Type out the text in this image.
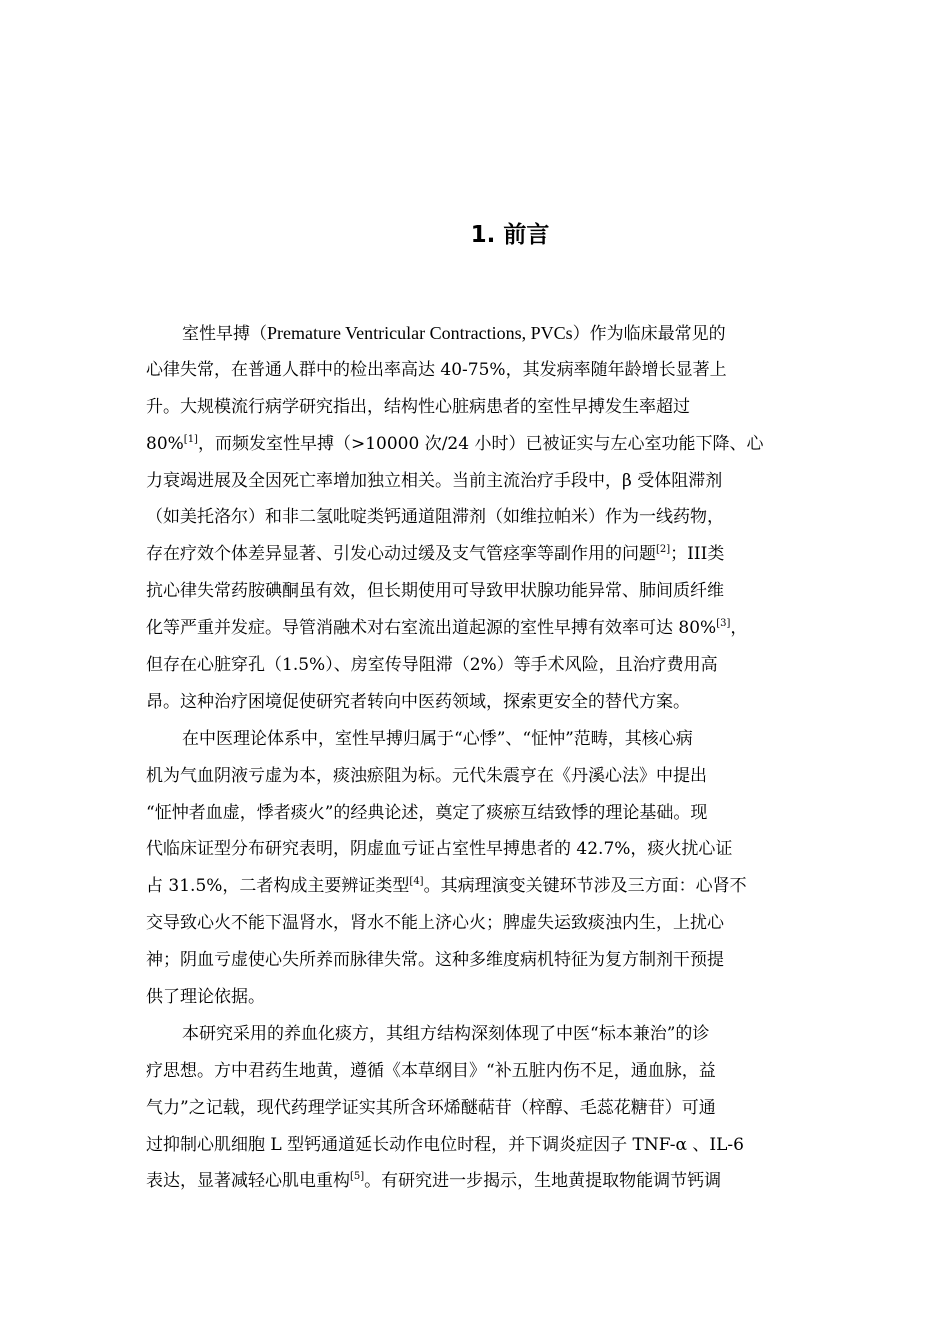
1. 前言
室性早搏（Premature Ventricular Contractions, PVCs）作为临床最常见的
心律失常，在普通人群中的检出率高达 40-75%，其发病率随年龄增长显著上
升。大规模流行病学研究指出，结构性心脏病患者的室性早搏发生率超过
80%[1]，而频发室性早搏（>10000 次/24 小时）已被证实与左心室功能下降、心
力衰竭进展及全因死亡率增加独立相关。当前主流治疗手段中，β 受体阻滞剂
（如美托洛尔）和非二氢吡啶类钙通道阻滞剂（如维拉帕米）作为一线药物，
存在疗效个体差异显著、引发心动过缓及支气管痉挛等副作用的问题[2]；III类
抗心律失常药胺碘酮虽有效，但长期使用可导致甲状腺功能异常、肺间质纤维
化等严重并发症。导管消融术对右室流出道起源的室性早搏有效率可达 80%[3]，
但存在心脏穿孔（1.5%）、房室传导阻滞（2%）等手术风险，且治疗费用高
昂。这种治疗困境促使研究者转向中医药领域，探索更安全的替代方案。
在中医理论体系中，室性早搏归属于“心悸”、“怔忡”范畴，其核心病
机为气血阴液亏虚为本，痰浊瘀阻为标。元代朱震亨在《丹溪心法》中提出
“怔忡者血虚，悸者痰火”的经典论述，奠定了痰瘀互结致悸的理论基础。现
代临床证型分布研究表明，阴虚血亏证占室性早搏患者的 42.7%，痰火扰心证
占 31.5%，二者构成主要辨证类型[4]。其病理演变关键环节涉及三方面：心肾不
交导致心火不能下温肾水，肾水不能上济心火；脾虚失运致痰浊内生，上扰心
神；阴血亏虚使心失所养而脉律失常。这种多维度病机特征为复方制剂干预提
供了理论依据。
本研究采用的养血化痰方，其组方结构深刻体现了中医“标本兼治”的诊
疗思想。方中君药生地黄，遵循《本草纲目》“补五脏内伤不足，通血脉，益
气力”之记载，现代药理学证实其所含环烯醚萜苷（梓醇、毛蕊花糖苷）可通
过抑制心肌细胞 L 型钙通道延长动作电位时程，并下调炎症因子 TNF-α 、IL-6
表达，显著减轻心肌电重构[5]。有研究进一步揭示，生地黄提取物能调节钙调
